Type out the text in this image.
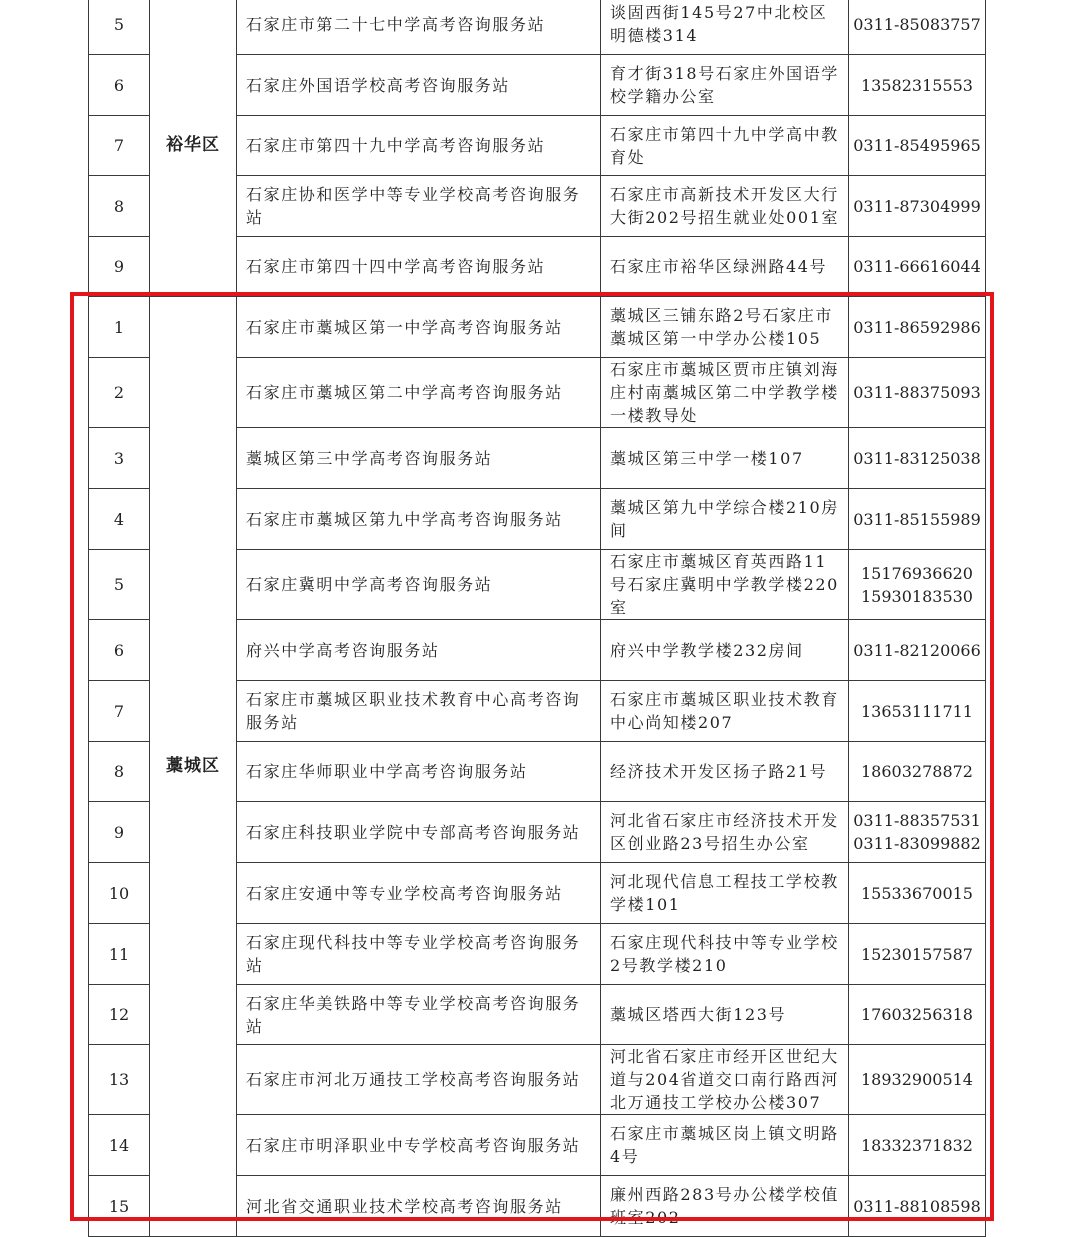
5	裕华区	石家庄市第二十七中学高考咨询服务站	谈固西街145号27中北校区明德楼314	0311-85083757

6		石家庄外国语学校高考咨询服务站	育才街318号石家庄外国语学校学籍办公室	13582315553

7		石家庄市第四十九中学高考咨询服务站	石家庄市第四十九中学高中教育处	0311-85495965

8		石家庄协和医学中等专业学校高考咨询服务站	石家庄市高新技术开发区大行大街202号招生就业处001室	0311-87304999

9		石家庄市第四十四中学高考咨询服务站	石家庄市裕华区绿洲路44号	0311-66616044

1	藁城区	石家庄市藁城区第一中学高考咨询服务站	藁城区三铺东路2号石家庄市藁城区第一中学办公楼105	0311-86592986

2		石家庄市藁城区第二中学高考咨询服务站	石家庄市藁城区贾市庄镇刘海庄村南藁城区第二中学教学楼一楼教导处	0311-88375093

3		藁城区第三中学高考咨询服务站	藁城区第三中学一楼107	0311-83125038

4		石家庄市藁城区第九中学高考咨询服务站	藁城区第九中学综合楼210房间	0311-85155989

5		石家庄冀明中学高考咨询服务站	石家庄市藁城区育英西路11号石家庄冀明中学教学楼220室	15176936620
15930183530

6		府兴中学高考咨询服务站	府兴中学教学楼232房间	0311-82120066

7		石家庄市藁城区职业技术教育中心高考咨询服务站	石家庄市藁城区职业技术教育中心尚知楼207	13653111711

8		石家庄华师职业中学高考咨询服务站	经济技术开发区扬子路21号	18603278872

9		石家庄科技职业学院中专部高考咨询服务站	河北省石家庄市经济技术开发区创业路23号招生办公室	0311-88357531
0311-83099882

10		石家庄安通中等专业学校高考咨询服务站	河北现代信息工程技工学校教学楼101	15533670015

11		石家庄现代科技中等专业学校高考咨询服务站	石家庄现代科技中等专业学校2号教学楼210	15230157587

12		石家庄华美铁路中等专业学校高考咨询服务站	藁城区塔西大街123号	17603256318

13		石家庄市河北万通技工学校高考咨询服务站	河北省石家庄市经开区世纪大道与204省道交口南行路西河北万通技工学校办公楼307	18932900514

14		石家庄市明泽职业中专学校高考咨询服务站	石家庄市藁城区岗上镇文明路4号	18332371832

15		河北省交通职业技术学校高考咨询服务站	廉州西路283号办公楼学校值班室202	0311-88108598
